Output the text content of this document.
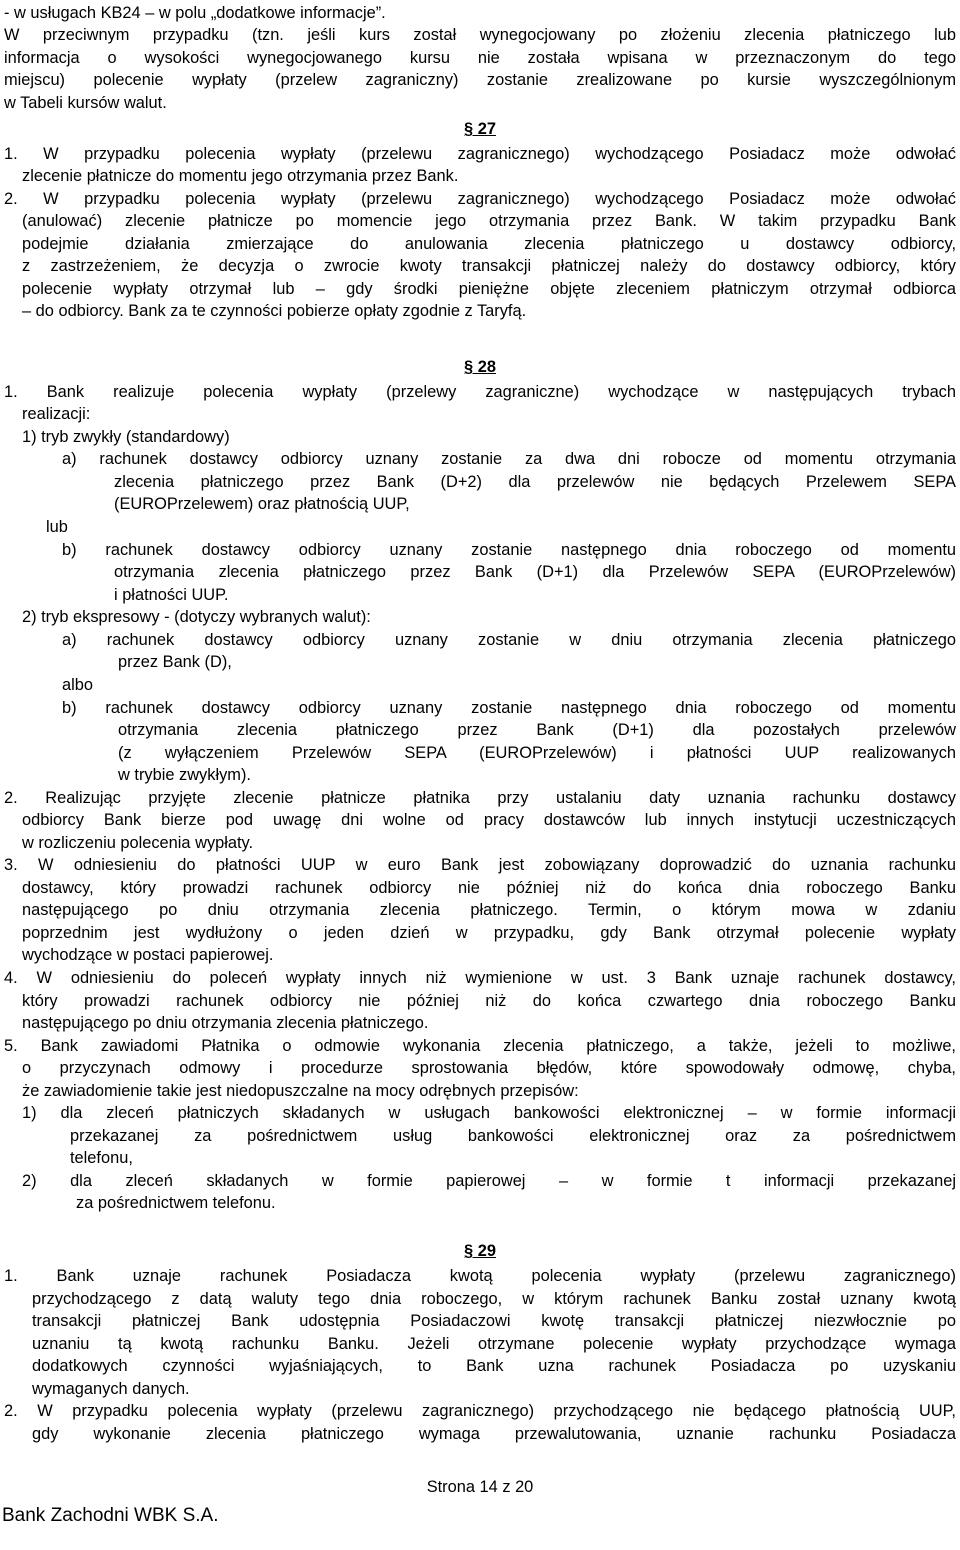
- w usługach KB24 – w polu „dodatkowe informacje”.
W przeciwnym przypadku (tzn. jeśli kurs został wynegocjowany po złożeniu zlecenia płatniczego lub
informacja o wysokości wynegocjowanego kursu nie została wpisana w przeznaczonym do tego
miejscu) polecenie wypłaty (przelew zagraniczny) zostanie zrealizowane po kursie wyszczególnionym
w Tabeli kursów walut.
§ 27
1. W przypadku polecenia wypłaty (przelewu zagranicznego) wychodzącego Posiadacz może odwołać
zlecenie płatnicze do momentu jego otrzymania przez Bank.
2. W przypadku polecenia wypłaty (przelewu zagranicznego) wychodzącego Posiadacz może odwołać
(anulować) zlecenie płatnicze po momencie jego otrzymania przez Bank. W takim przypadku Bank
podejmie działania zmierzające do anulowania zlecenia płatniczego u dostawcy odbiorcy,
z zastrzeżeniem, że decyzja o zwrocie kwoty transakcji płatniczej należy do dostawcy odbiorcy, który
polecenie wypłaty otrzymał lub – gdy środki pieniężne objęte zleceniem płatniczym otrzymał odbiorca
– do odbiorcy. Bank za te czynności pobierze opłaty zgodnie z Taryfą.
§ 28
1. Bank realizuje polecenia wypłaty (przelewy zagraniczne) wychodzące w następujących trybach
realizacji:
1) tryb zwykły (standardowy)
a) rachunek dostawcy odbiorcy uznany zostanie za dwa dni robocze od momentu otrzymania
zlecenia płatniczego przez Bank (D+2) dla przelewów nie będących Przelewem SEPA
(EUROPrzelewem) oraz płatnością UUP,
lub
b) rachunek dostawcy odbiorcy uznany zostanie następnego dnia roboczego od momentu
otrzymania zlecenia płatniczego przez Bank (D+1) dla Przelewów SEPA (EUROPrzelewów)
i płatności UUP.
2) tryb ekspresowy - (dotyczy wybranych walut):
a) rachunek dostawcy odbiorcy uznany zostanie w dniu otrzymania zlecenia płatniczego
przez Bank (D),
albo
b) rachunek dostawcy odbiorcy uznany zostanie następnego dnia roboczego od momentu
otrzymania zlecenia płatniczego przez Bank (D+1) dla pozostałych przelewów
(z wyłączeniem Przelewów SEPA (EUROPrzelewów) i płatności UUP realizowanych
w trybie zwykłym).
2. Realizując przyjęte zlecenie płatnicze płatnika przy ustalaniu daty uznania rachunku dostawcy
odbiorcy Bank bierze pod uwagę dni wolne od pracy dostawców lub innych instytucji uczestniczących
w rozliczeniu polecenia wypłaty.
3. W odniesieniu do płatności UUP w euro Bank jest zobowiązany doprowadzić do uznania rachunku
dostawcy, który prowadzi rachunek odbiorcy nie później niż do końca dnia roboczego Banku
następującego po dniu otrzymania zlecenia płatniczego. Termin, o którym mowa w zdaniu
poprzednim jest wydłużony o jeden dzień w przypadku, gdy Bank otrzymał polecenie wypłaty
wychodzące w postaci papierowej.
4. W odniesieniu do poleceń wypłaty innych niż wymienione w ust. 3 Bank uznaje rachunek dostawcy,
który prowadzi rachunek odbiorcy nie później niż do końca czwartego dnia roboczego Banku
następującego po dniu otrzymania zlecenia płatniczego.
5. Bank zawiadomi Płatnika o odmowie wykonania zlecenia płatniczego, a także, jeżeli to możliwe,
o przyczynach odmowy i procedurze sprostowania błędów, które spowodowały odmowę, chyba,
że zawiadomienie takie jest niedopuszczalne na mocy odrębnych przepisów:
1) dla zleceń płatniczych składanych w usługach bankowości elektronicznej – w formie informacji
przekazanej za pośrednictwem usług bankowości elektronicznej oraz za pośrednictwem
telefonu,
2) dla zleceń składanych w formie papierowej – w formie t informacji przekazanej
za pośrednictwem telefonu.
§ 29
1. Bank uznaje rachunek Posiadacza kwotą polecenia wypłaty (przelewu zagranicznego)
przychodzącego z datą waluty tego dnia roboczego, w którym rachunek Banku został uznany kwotą
transakcji płatniczej Bank udostępnia Posiadaczowi kwotę transakcji płatniczej niezwłocznie po
uznaniu tą kwotą rachunku Banku. Jeżeli otrzymane polecenie wypłaty przychodzące wymaga
dodatkowych czynności wyjaśniających, to Bank uzna rachunek Posiadacza po uzyskaniu
wymaganych danych.
2. W przypadku polecenia wypłaty (przelewu zagranicznego) przychodzącego nie będącego płatnością UUP,
gdy wykonanie zlecenia płatniczego wymaga przewalutowania, uznanie rachunku Posiadacza
Strona 14 z 20
Bank Zachodni WBK S.A.
